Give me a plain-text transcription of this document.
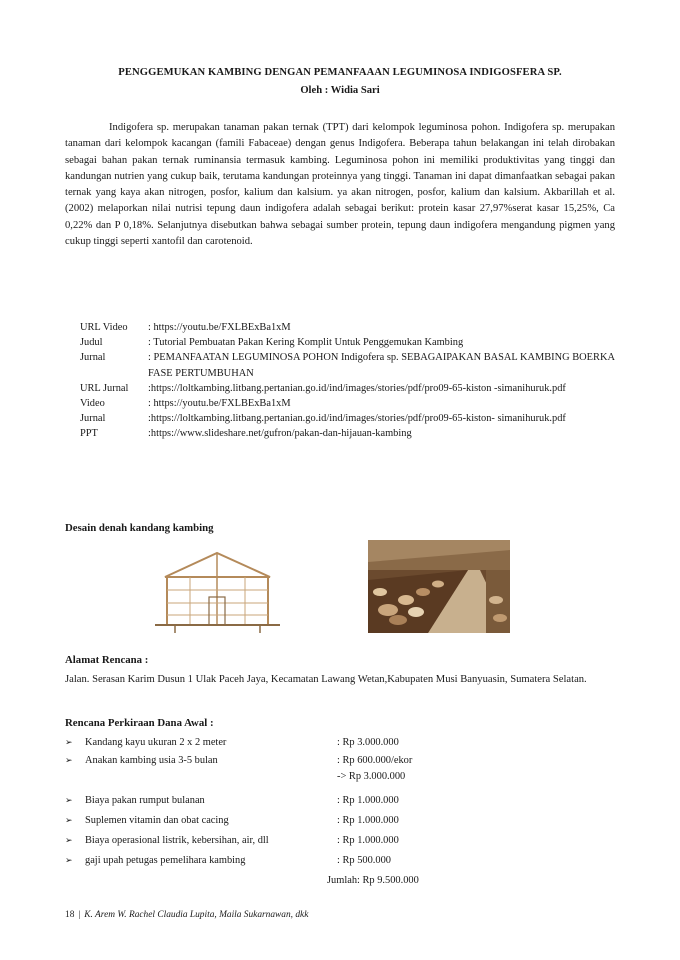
PENGGEMUKAN KAMBING DENGAN PEMANFAAAN LEGUMINOSA INDIGOSFERA SP.
Oleh : Widia Sari

Indigofera sp. merupakan tanaman pakan ternak (TPT) dari kelompok leguminosa pohon. Indigofera sp. merupakan tanaman dari kelompok kacangan (famili Fabaceae) dengan genus Indigofera. Beberapa tahun belakangan ini telah dirobakan sebagai bahan pakan ternak ruminansia termasuk kambing. Leguminosa pohon ini memiliki produktivitas yang tinggi dan kandungan nutrien yang cukup baik, terutama kandungan proteinnya yang tinggi. Tanaman ini dapat dimanfaatkan sebagai pakan ternak yang kaya akan nitrogen, posfor, kalium dan kalsium. ya akan nitrogen, posfor, kalium dan kalsium. Akbarillah et al. (2002) melaporkan nilai nutrisi tepung daun indigofera adalah sebagai berikut: protein kasar 27,97%serat kasar 15,25%, Ca 0,22% dan P 0,18%. Selanjutnya disebutkan bahwa sebagai sumber protein, tepung daun indigofera mengandung pigmen yang cukup tinggi seperti xantofil dan carotenoid.

URL Video	: https://youtu.be/FXLBExBa1xM
Judul	: Tutorial Pembuatan Pakan Kering Komplit Untuk Penggemukan Kambing
Jurnal	: PEMANFAATAN LEGUMINOSA POHON Indigofera sp. SEBAGAIPAKAN BASAL KAMBING BOERKA FASE PERTUMBUHAN
URL Jurnal	:https://loltkambing.litbang.pertanian.go.id/ind/images/stories/pdf/pro09-65-kiston -simanihuruk.pdf
Video	: https://youtu.be/FXLBExBa1xM
Jurnal	:https://loltkambing.litbang.pertanian.go.id/ind/images/stories/pdf/pro09-65-kiston- simanihuruk.pdf
PPT	:https://www.slideshare.net/gufron/pakan-dan-hijauan-kambing
Desain denah kandang kambing
Alamat Rencana :

Jalan. Serasan Karim Dusun 1 Ulak Paceh Jaya, Kecamatan Lawang Wetan,Kabupaten Musi Banyuasin, Sumatera Selatan.

Rencana Perkiraan Dana Awal :
➢ Kandang kayu ukuran 2 x 2 meter	: Rp 3.000.000
➢ Anakan kambing usia 3-5 bulan	: Rp 600.000/ekor
-> Rp 3.000.000
➢ Biaya pakan rumput bulanan	: Rp 1.000.000
➢ Suplemen vitamin dan obat cacing	: Rp 1.000.000
➢ Biaya operasional listrik, kebersihan, air, dll	: Rp 1.000.000
➢ gaji upah petugas pemelihara kambing	: Rp 500.000
Jumlah: Rp 9.500.000
18 | K. Arem W. Rachel Claudia Lupita, Maila Sukarnawan, dkk
